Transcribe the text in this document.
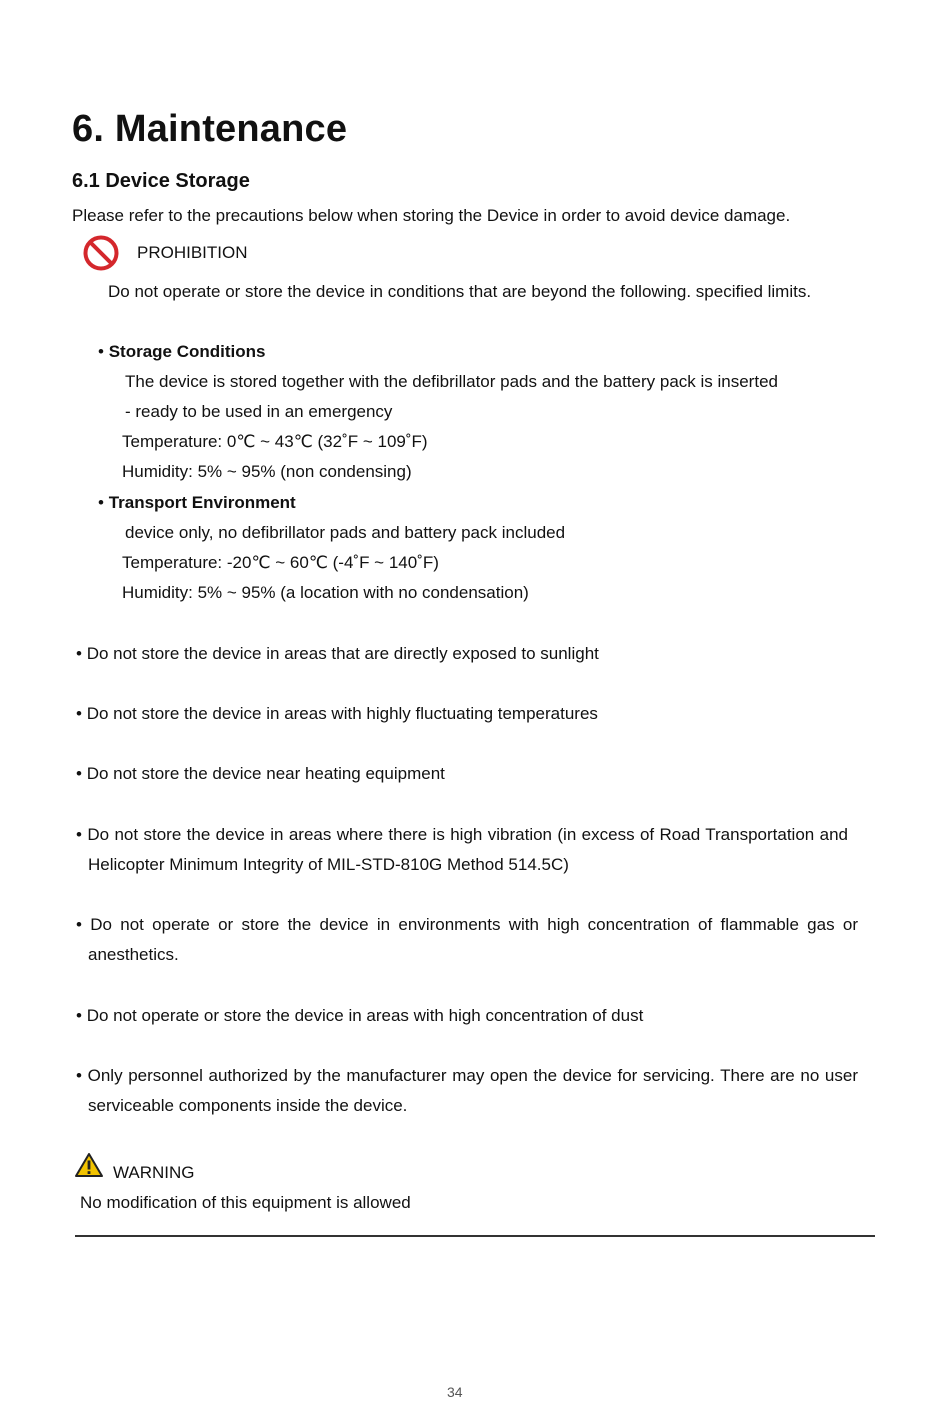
6. Maintenance
6.1 Device Storage
Please refer to the precautions below when storing the Device in order to avoid device damage.
PROHIBITION
Do not operate or store the device in conditions that are beyond the following. specified limits.
• Storage Conditions
The device is stored together with the defibrillator pads and the battery pack is inserted
- ready to be used in an emergency
Temperature: 0℃ ~ 43℃ (32˚F ~ 109˚F)
Humidity: 5% ~ 95% (non condensing)
• Transport Environment
device only, no defibrillator pads and battery pack included
Temperature: -20℃ ~ 60℃ (-4˚F ~ 140˚F)
Humidity: 5% ~ 95% (a location with no condensation)
• Do not store the device in areas that are directly exposed to sunlight
• Do not store the device in areas with highly fluctuating temperatures
• Do not store the device near heating equipment
• Do not store the device in areas where there is high vibration (in excess of Road Transportation and Helicopter Minimum Integrity of MIL-STD-810G Method 514.5C)
• Do not operate or store the device in environments with high concentration of flammable gas or anesthetics.
• Do not operate or store the device in areas with high concentration of dust
• Only personnel authorized by the manufacturer may open the device for servicing. There are no user serviceable components inside the device.
WARNING
No modification of this equipment is allowed
34
